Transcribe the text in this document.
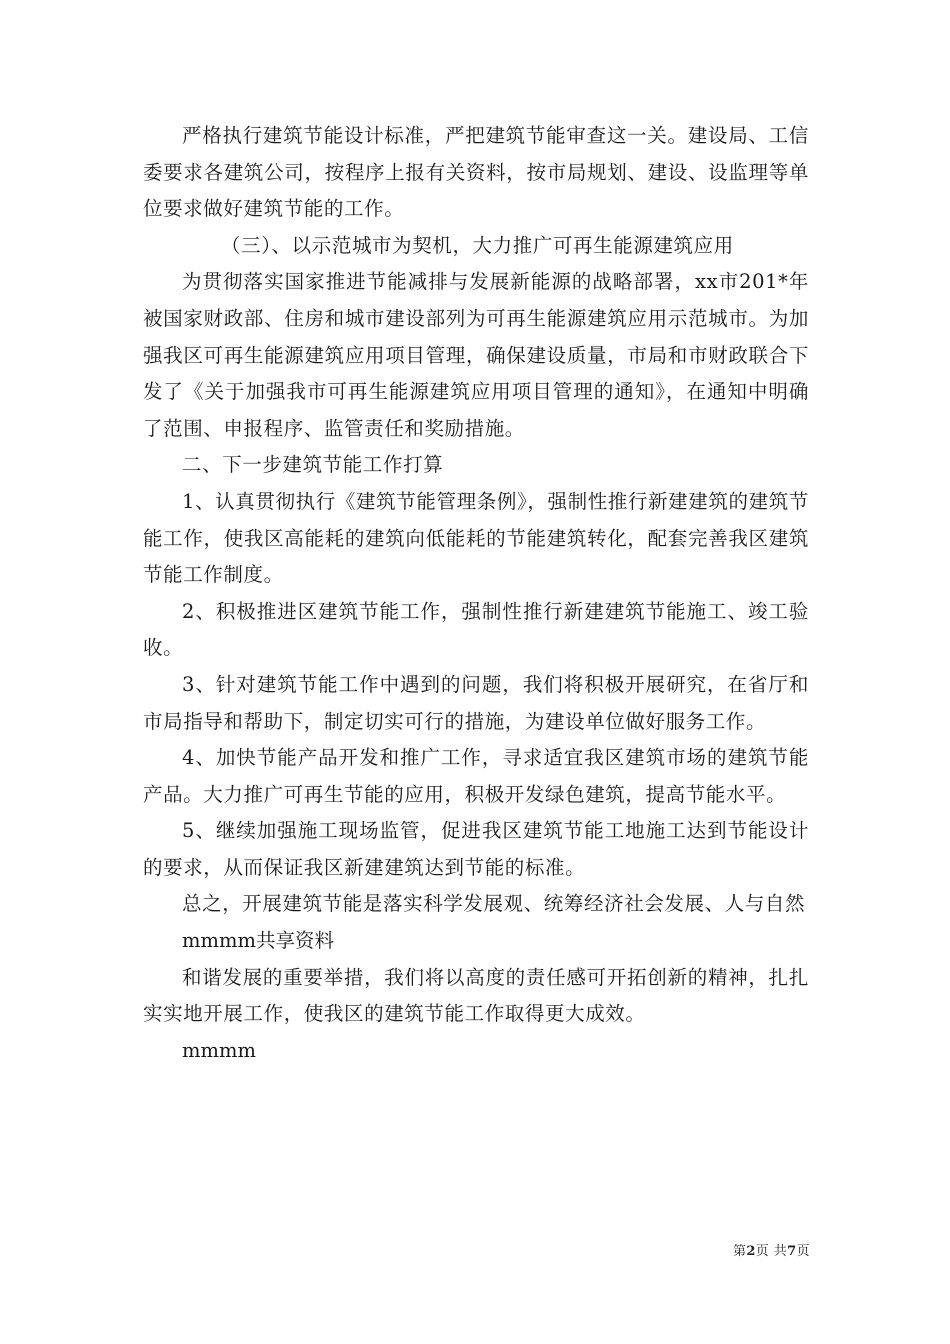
严格执行建筑节能设计标准，严把建筑节能审查这一关。建设局、工信委要求各建筑公司，按程序上报有关资料，按市局规划、建设、设监理等单位要求做好建筑节能的工作。

（三）、以示范城市为契机，大力推广可再生能源建筑应用

为贯彻落实国家推进节能减排与发展新能源的战略部署，xx市201*年被国家财政部、住房和城市建设部列为可再生能源建筑应用示范城市。为加强我区可再生能源建筑应用项目管理，确保建设质量，市局和市财政联合下发了《关于加强我市可再生能源建筑应用项目管理的通知》，在通知中明确了范围、申报程序、监管责任和奖励措施。

二、下一步建筑节能工作打算

1、认真贯彻执行《建筑节能管理条例》，强制性推行新建建筑的建筑节能工作，使我区高能耗的建筑向低能耗的节能建筑转化，配套完善我区建筑节能工作制度。

2、积极推进区建筑节能工作，强制性推行新建建筑节能施工、竣工验收。

3、针对建筑节能工作中遇到的问题，我们将积极开展研究，在省厅和市局指导和帮助下，制定切实可行的措施，为建设单位做好服务工作。

4、加快节能产品开发和推广工作，寻求适宜我区建筑市场的建筑节能产品。大力推广可再生节能的应用，积极开发绿色建筑，提高节能水平。

5、继续加强施工现场监管，促进我区建筑节能工地施工达到节能设计的要求，从而保证我区新建建筑达到节能的标准。

总之，开展建筑节能是落实科学发展观、统筹经济社会发展、人与自然

mmmm共享资料

和谐发展的重要举措，我们将以高度的责任感可开拓创新的精神，扎扎实实地开展工作，使我区的建筑节能工作取得更大成效。

mmmm

第2页 共7页
